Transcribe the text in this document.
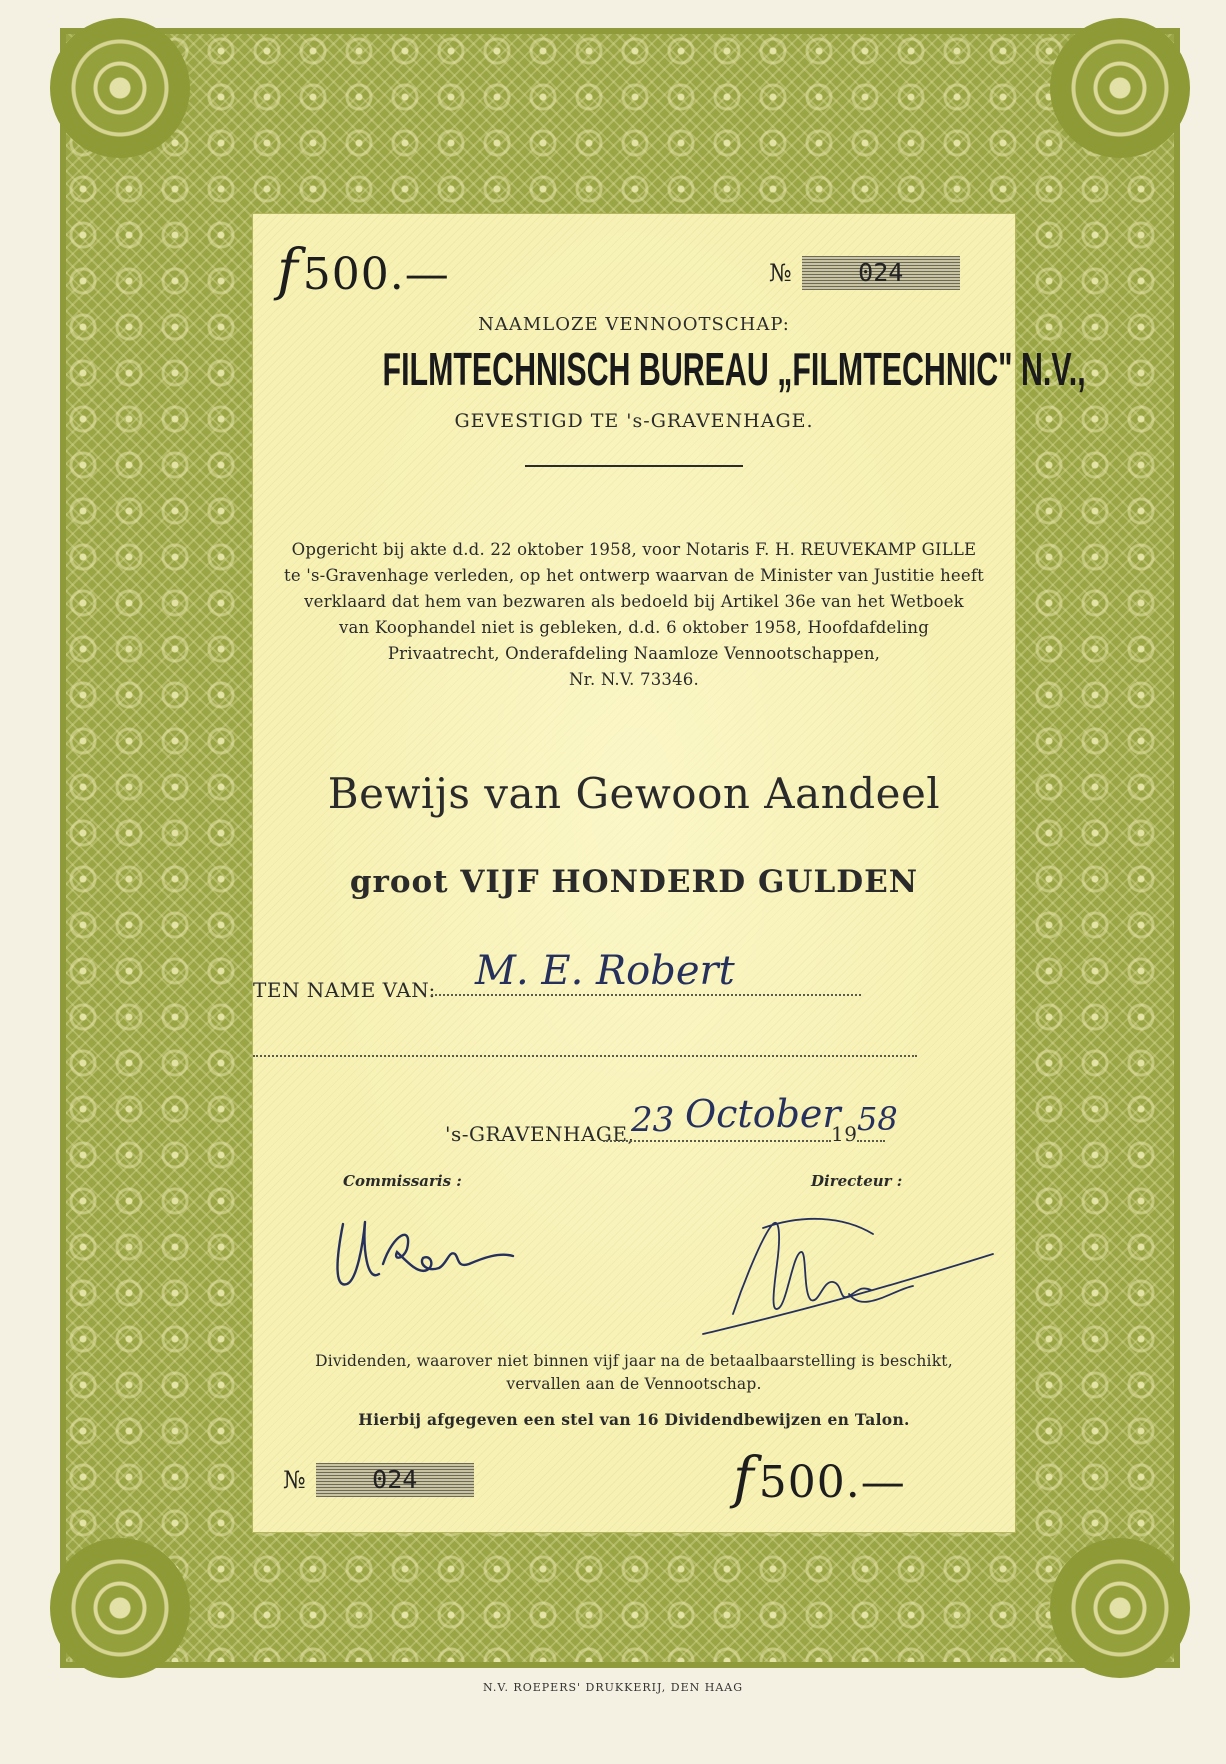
f500.—	№	024
NAAMLOZE VENNOOTSCHAP:
FILMTECHNISCH BUREAU „FILMTECHNIC" N.V.,
GEVESTIGD TE 's-GRAVENHAGE.
Opgericht bij akte d.d. 22 oktober 1958, voor Notaris F. H. REUVEKAMP GILLE
te 's-Gravenhage verleden, op het ontwerp waarvan de Minister van Justitie heeft
verklaard dat hem van bezwaren als bedoeld bij Artikel 36e van het Wetboek
van Koophandel niet is gebleken, d.d. 6 oktober 1958, Hoofdafdeling
Privaatrecht, Onderafdeling Naamloze Vennootschappen,
Nr. N.V. 73346.
Bewijs van Gewoon Aandeel
groot VIJF HONDERD GULDEN
TEN NAME VAN: M. E. Robert
's-GRAVENHAGE,
23 October
19 58
Commissaris :	Directeur :
Dividenden, waarover niet binnen vijf jaar na de betaalbaarstelling is beschikt,
vervallen aan de Vennootschap.
Hierbij afgegeven een stel van 16 Dividendbewijzen en Talon.
№	024	f500.—
N.V. ROEPERS' DRUKKERIJ, DEN HAAG
